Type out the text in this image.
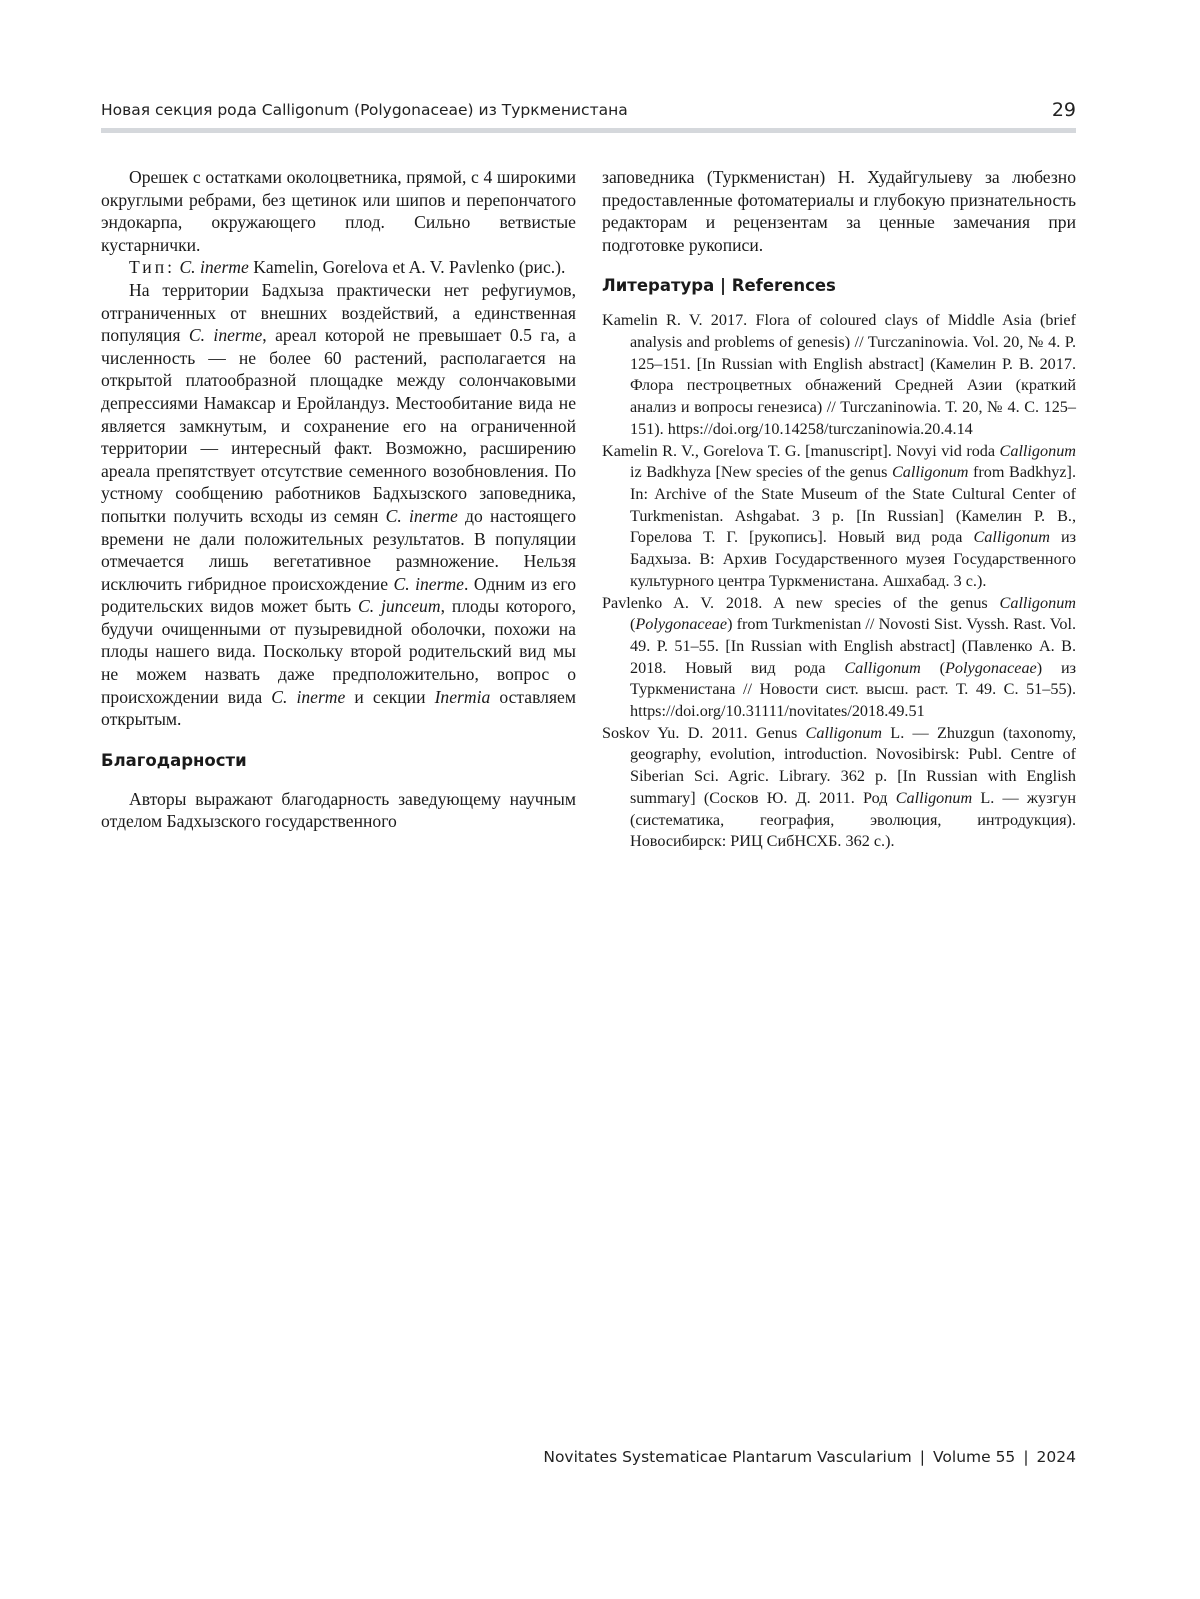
Новая секция рода Calligonum (Polygonaceae) из Туркменистана	29

Орешек с остатками околоцветника, прямой, с 4 широкими округлыми ребрами, без щетинок или шипов и перепончатого эндокарпа, окружающего плод. Сильно ветвистые кустарнички.

Тип: C. inerme Kamelin, Gorelova et A. V. Pavlenko (рис.).

На территории Бадхыза практически нет рефугиумов, отграниченных от внешних воздействий, а единственная популяция C. inerme, ареал которой не превышает 0.5 га, а численность — не более 60 растений, располагается на открытой платообразной площадке между солончаковыми депрессиями Намаксар и Еройландуз. Местообитание вида не является замкнутым, и сохранение его на ограниченной территории — интересный факт. Возможно, расширению ареала препятствует отсутствие семенного возобновления. По устному сообщению работников Бадхызского заповедника, попытки получить всходы из семян C. inerme до настоящего времени не дали положительных результатов. В популяции отмечается лишь вегетативное размножение. Нельзя исключить гибридное происхождение C. inerme. Одним из его родительских видов может быть C. junceum, плоды которого, будучи очищенными от пузыревидной оболочки, похожи на плоды нашего вида. Поскольку второй родительский вид мы не можем назвать даже предположительно, вопрос о происхождении вида C. inerme и секции Inermia оставляем открытым.

Благодарности

Авторы выражают благодарность заведующему научным отделом Бадхызского государственного

заповедника (Туркменистан) Н. Худайгулыеву за любезно предоставленные фотоматериалы и глубокую признательность редакторам и рецензентам за ценные замечания при подготовке рукописи.

Литература | References

Kamelin R. V. 2017. Flora of coloured clays of Middle Asia (brief analysis and problems of genesis) // Turczaninowia. Vol. 20, № 4. P. 125–151. [In Russian with English abstract] (Камелин Р. В. 2017. Флора пестроцветных обнажений Средней Азии (краткий анализ и вопросы генезиса) // Turczaninowia. Т. 20, № 4. С. 125–151). https://doi.org/10.14258/turczaninowia.20.4.14

Kamelin R. V., Gorelova T. G. [manuscript]. Novyi vid roda Calligonum iz Badkhyza [New species of the genus Calligonum from Badkhyz]. In: Archive of the State Museum of the State Cultural Center of Turkmenistan. Ashgabat. 3 p. [In Russian] (Камелин Р. В., Горелова Т. Г. [рукопись]. Новый вид рода Calligonum из Бадхыза. В: Архив Государственного музея Государственного культурного центра Туркменистана. Ашхабад. 3 с.).

Pavlenko A. V. 2018. A new species of the genus Calligonum (Polygonaceae) from Turkmenistan // Novosti Sist. Vyssh. Rast. Vol. 49. P. 51–55. [In Russian with English abstract] (Павленко А. В. 2018. Новый вид рода Calligonum (Polygonaceae) из Туркменистана // Новости сист. высш. раст. Т. 49. С. 51–55). https://doi.org/10.31111/novitates/2018.49.51

Soskov Yu. D. 2011. Genus Calligonum L. — Zhuzgun (taxonomy, geography, evolution, introduction. Novosibirsk: Publ. Centre of Siberian Sci. Agric. Library. 362 p. [In Russian with English summary] (Сосков Ю. Д. 2011. Род Calligonum L. — жузгун (систематика, география, эволюция, интродукция). Новосибирск: РИЦ СибНСХБ. 362 с.).

Novitates Systematicae Plantarum Vascularium | Volume 55 | 2024
